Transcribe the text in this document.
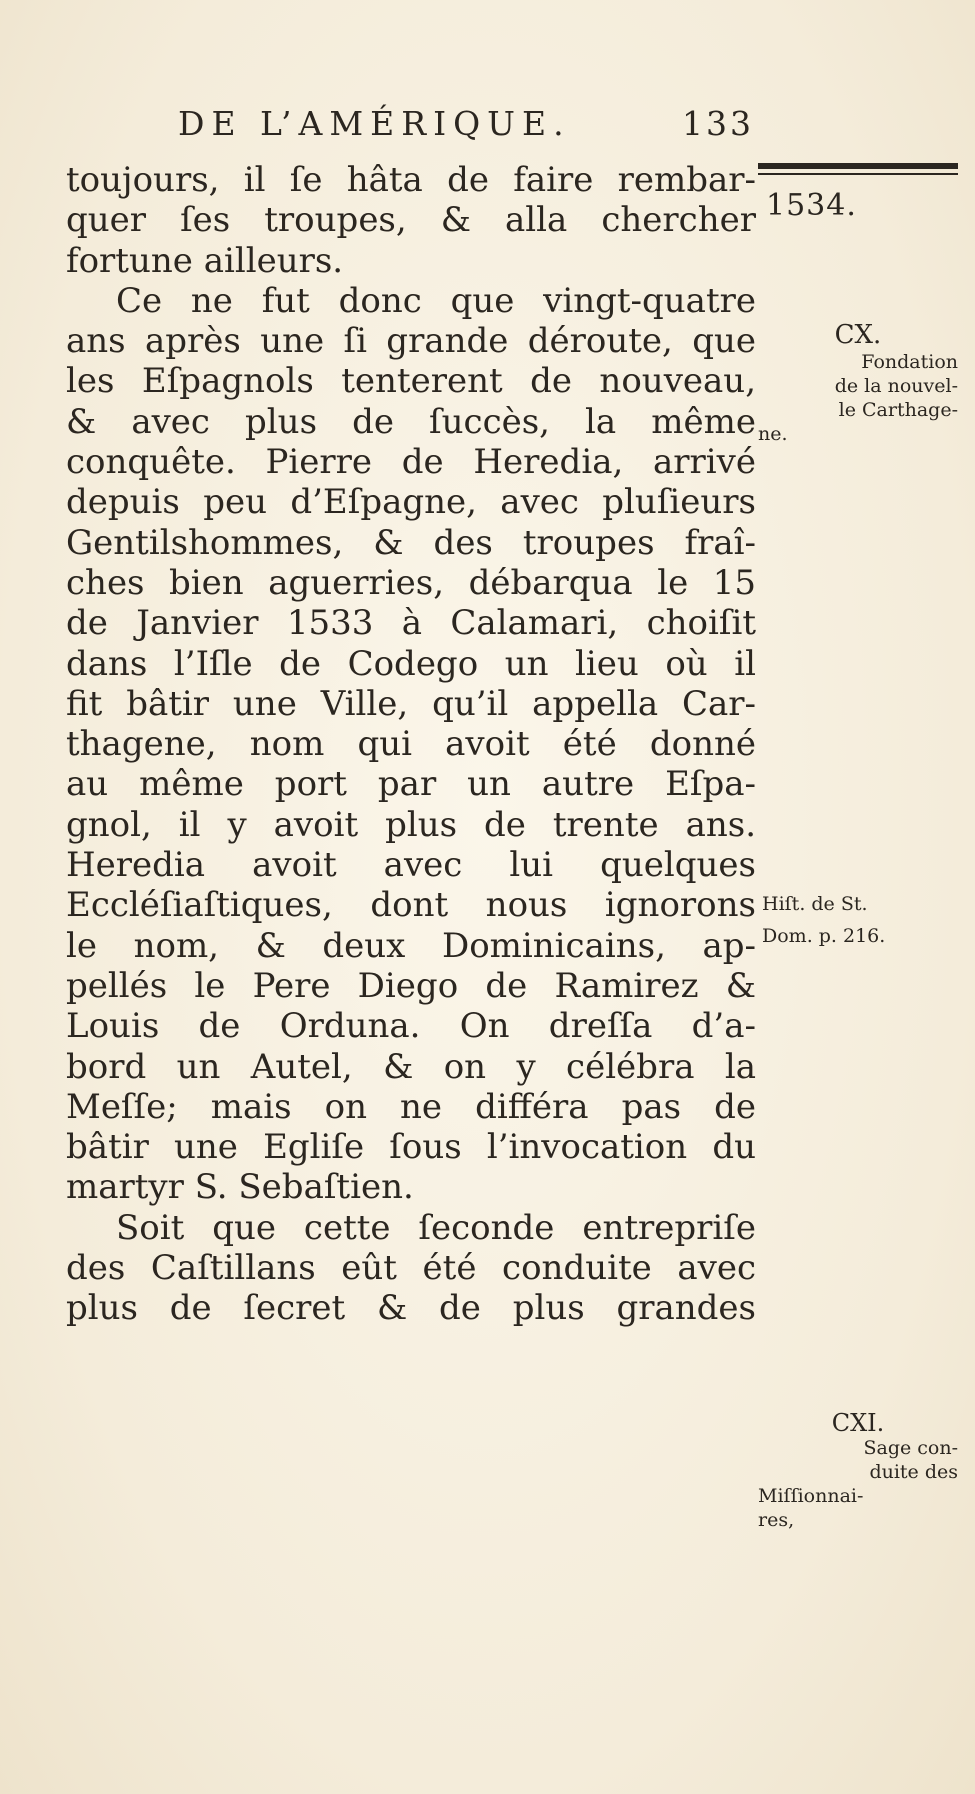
DE L’AMÉRIQUE.	133
toujours, il ſe hâta de faire rembar-
quer ſes troupes, & alla chercher
fortune ailleurs.
Ce ne fut donc que vingt-quatre
ans après une ſi grande déroute, que
les Eſpagnols tenterent de nouveau,
& avec plus de ſuccès, la même
conquête. Pierre de Heredia, arrivé
depuis peu d’Eſpagne, avec pluſieurs
Gentilshommes, & des troupes fraî-
ches bien aguerries, débarqua le 15
de Janvier 1533 à Calamari, choiſit
dans l’Iſle de Codego un lieu où il
fit bâtir une Ville, qu’il appella Car-
thagene, nom qui avoit été donné
au même port par un autre Eſpa-
gnol, il y avoit plus de trente ans.
Heredia avoit avec lui quelques
Eccléſiaſtiques, dont nous ignorons
le nom, & deux Dominicains, ap-
pellés le Pere Diego de Ramirez &
Louis de Orduna. On dreſſa d’a-
bord un Autel, & on y célébra la
Meſſe; mais on ne différa pas de
bâtir une Egliſe ſous l’invocation du
martyr S. Sebaſtien.
Soit que cette ſeconde entrepriſe
des Caſtillans eût été conduite avec
plus de ſecret & de plus grandes
1534.
CX.
Fondation
de la nouvel-
le Carthage-
ne.
Hiſt. de St.
Dom. p. 216.
CXI.
Sage con-
duite des
Miſſionnai-
res,
